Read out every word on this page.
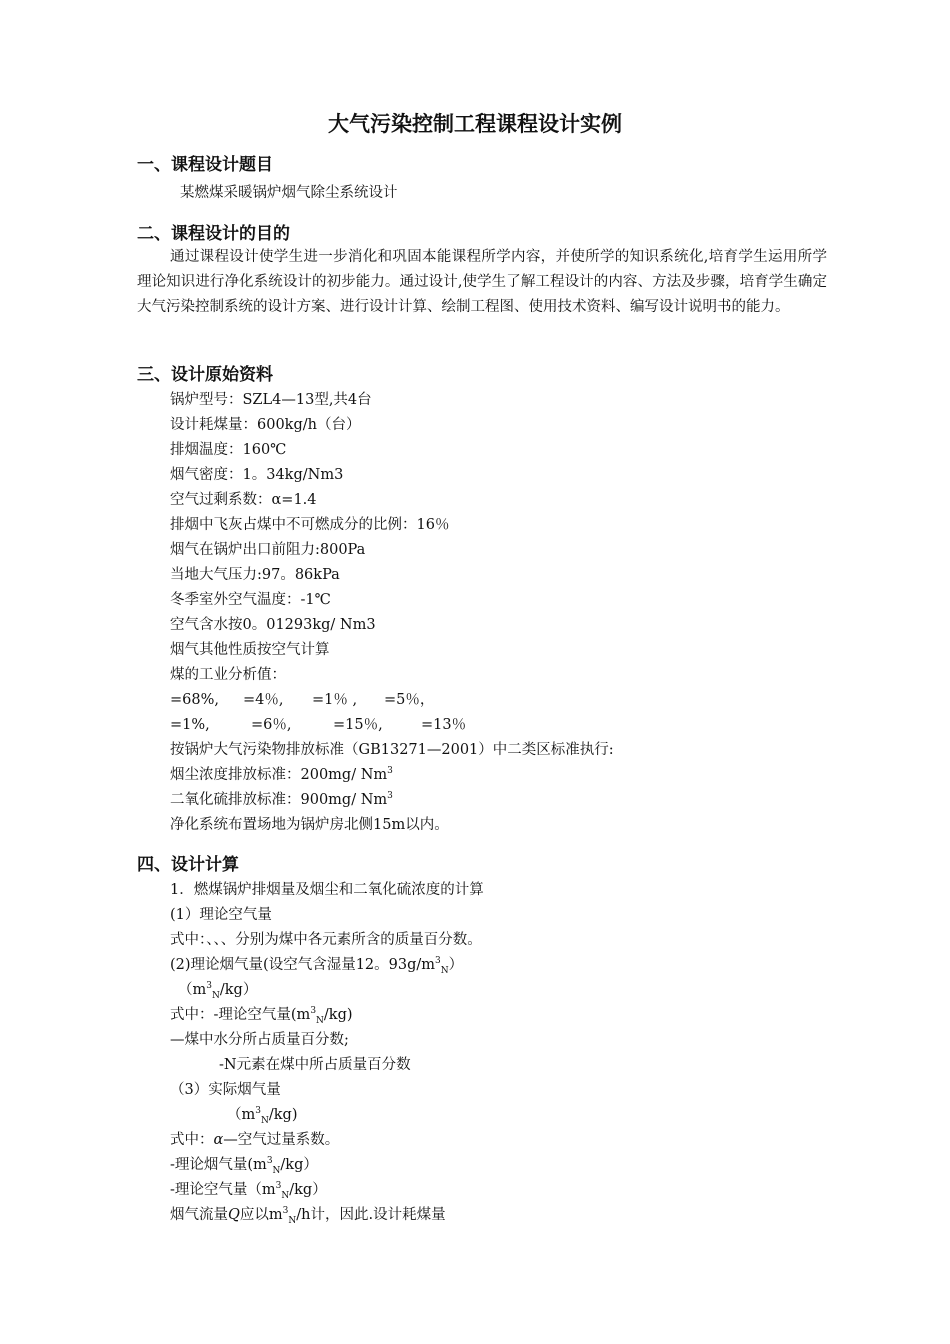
大气污染控制工程课程设计实例
一、课程设计题目
某燃煤采暖锅炉烟气除尘系统设计
二、课程设计的目的
通过课程设计使学生进一步消化和巩固本能课程所学内容，并使所学的知识系统化,培育学生运用所学理论知识进行净化系统设计的初步能力。通过设计,使学生了解工程设计的内容、方法及步骤，培育学生确定大气污染控制系统的设计方案、进行设计计算、绘制工程图、使用技术资料、编写设计说明书的能力。
三、设计原始资料
锅炉型号：SZL4—13型,共4台
设计耗煤量：600kg/h（台）
排烟温度：160℃
烟气密度：1。34kg/Nm3
空气过剩系数：α=1.4
排烟中飞灰占煤中不可燃成分的比例：16％
烟气在锅炉出口前阻力:800Pa
当地大气压力:97。86kPa
冬季室外空气温度：-1℃
空气含水按0。01293kg/ Nm3
烟气其他性质按空气计算
煤的工业分析值：
=68%, =4％, =1％ , =5％，
=1%,	=6％,	=15％,	=13％
按锅炉大气污染物排放标准（GB13271—2001）中二类区标准执行:
烟尘浓度排放标准：200mg/ Nm$^3$
二氧化硫排放标准：900mg/ Nm$^3$
净化系统布置场地为锅炉房北侧15m以内。
四、设计计算
1．燃煤锅炉排烟量及烟尘和二氧化硫浓度的计算
(1）理论空气量
式中：、、、分别为煤中各元素所含的质量百分数。
(2)理论烟气量(设空气含湿量12。$93g/m^3_N$）
$(m^3_N/kg)$
式中：-理论空气量$(m^3_N/kg)$
—煤中水分所占质量百分数;
-N元素在煤中所占质量百分数
（3）实际烟气量
$(m^3_N/kg)$
式中：α—空气过量系数。
-理论烟气量$(m^3_N/kg)$
-理论空气量$(m^3_N/kg)$
烟气流量Q应以$m^3_N/h$计，因此.设计耗煤量
